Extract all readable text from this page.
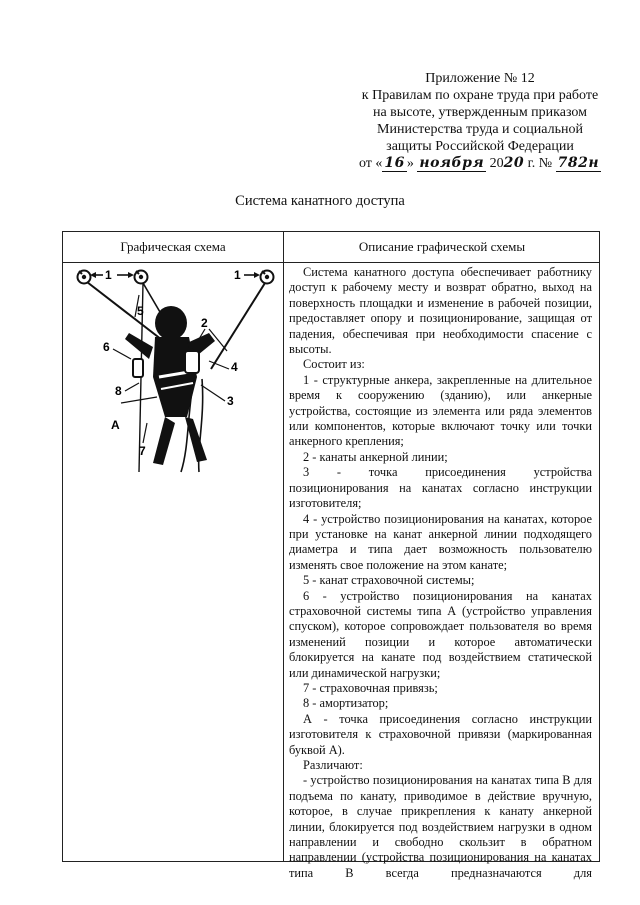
Приложение № 12
к Правилам по охране труда при работе
на высоте, утвержденным приказом
Министерства труда и социальной
защиты Российской Федерации
от « 16 » ноября 2020 г. № 782н
Система канатного доступа
Графическая схема	Описание графической схемы
1	1
2
4
3
5
6
8
A
7

Система канатного доступа обеспечивает работнику доступ к рабочему месту и возврат обратно, выход на поверхность площадки и изменение в рабочей позиции, предоставляет опору и позиционирование, защищая от падения, обеспечивая при необходимости спасение с высоты.

Состоит из:

1 - структурные анкера, закрепленные на длительное время к сооружению (зданию), или анкерные устройства, состоящие из элемента или ряда элементов или компонентов, которые включают точку или точки анкерного крепления;

2 - канаты анкерной линии;

3 - точка присоединения устройства позиционирования на канатах согласно инструкции изготовителя;

4 - устройство позиционирования на канатах, которое при установке на канат анкерной линии подходящего диаметра и типа дает возможность пользователю изменять свое положение на этом канате;

5 - канат страховочной системы;

6 - устройство позиционирования на канатах страховочной системы типа А (устройство управления спуском), которое сопровождает пользователя во время изменений позиции и которое автоматически блокируется на канате под воздействием статической или динамической нагрузки;

7 - страховочная привязь;

8 - амортизатор;

А - точка присоединения согласно инструкции изготовителя к страховочной привязи (маркированная буквой А).

Различают:

- устройство позиционирования на канатах типа В для подъема по канату, приводимое в действие вручную, которое, в случае прикрепления к канату анкерной линии, блокируется под воздействием нагрузки в одном направлении и свободно скользит в обратном направлении (устройства позиционирования на канатах типа В всегда предназначаются для
